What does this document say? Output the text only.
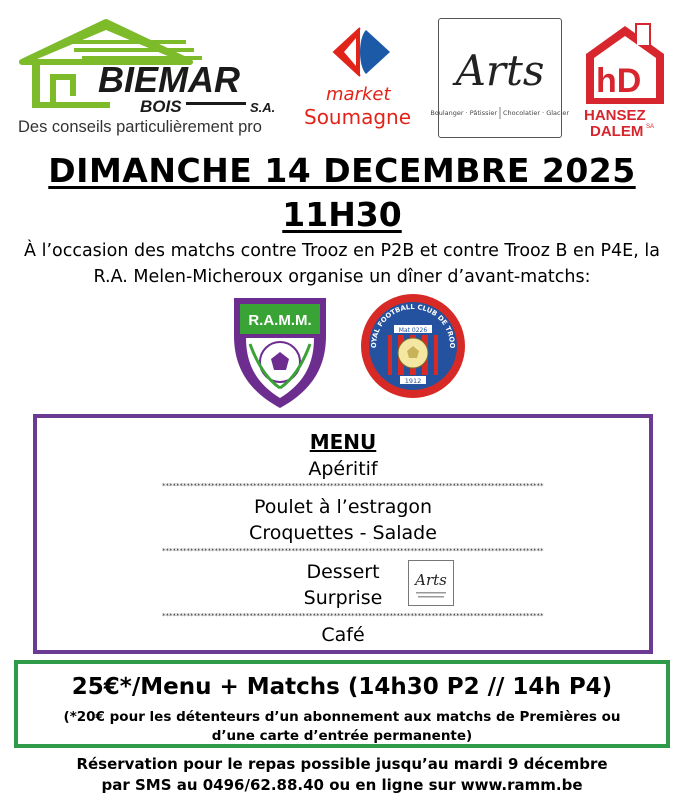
BIEMAR
BOIS	S.A.
Des conseils particulièrement pro
market
Soumagne
Arts
Boulanger · Pâtissier Chocolatier · Glacier
hD
HANSEZ
DALEM SA
DIMANCHE 14 DECEMBRE 2025
11H30
À l’occasion des matchs contre Trooz en P2B et contre Trooz B en P4E, la R.A. Melen-Micheroux organise un dîner d’avant-matchs:
R.A.M.M.
OYAL FOOTBALL CLUB DE TROO
Mat 0226
1912
MENU
Apéritif
*************************************************************************************************************
Poulet à l’estragon
Croquettes - Salade
*************************************************************************************************************
Dessert
Surprise
Arts
*************************************************************************************************************
Café
25€*/Menu + Matchs (14h30 P2 // 14h P4)
(*20€ pour les détenteurs d’un abonnement aux matchs de Premières ou
d’une carte d’entrée permanente)
Réservation pour le repas possible jusqu’au mardi 9 décembre
par SMS au 0496/62.88.40 ou en ligne sur www.ramm.be
